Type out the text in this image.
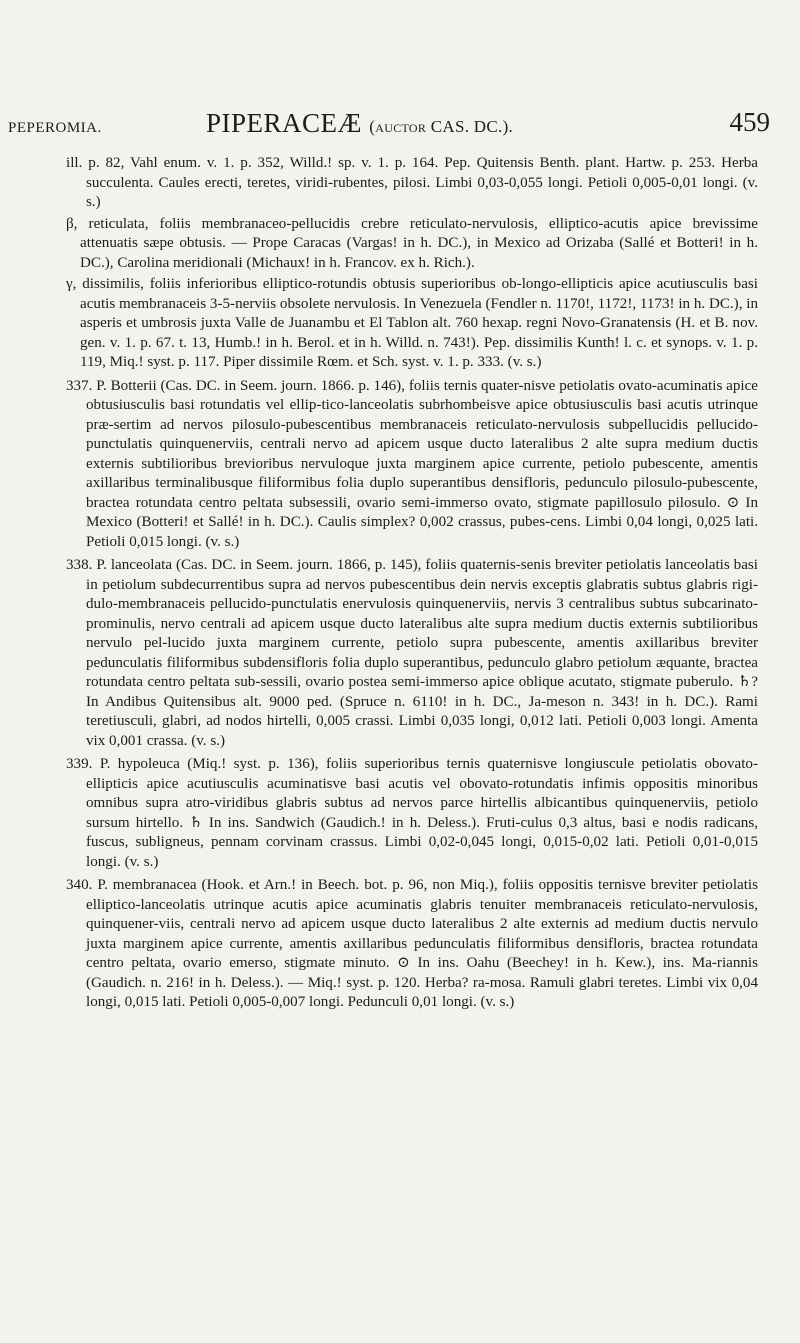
PEPEROMIA.	PIPERACEÆ (auctor CAS. DC.).	459

ill. p. 82, Vahl enum. v. 1. p. 352, Willd.! sp. v. 1. p. 164. Pep. Quitensis Benth. plant. Hartw. p. 253. Herba succulenta. Caules erecti, teretes, viridi-rubentes, pilosi. Limbi 0,03-0,055 longi. Petioli 0,005-0,01 longi. (v. s.)

β, reticulata, foliis membranaceo-pellucidis crebre reticulato-nervulosis, elliptico-acutis apice brevissime attenuatis sæpe obtusis. — Prope Caracas (Vargas! in h. DC.), in Mexico ad Orizaba (Sallé et Botteri! in h. DC.), Carolina meridionali (Michaux! in h. Francov. ex h. Rich.).

γ, dissimilis, foliis inferioribus elliptico-rotundis obtusis superioribus ob-longo-ellipticis apice acutiusculis basi acutis membranaceis 3-5-nerviis obsolete nervulosis. In Venezuela (Fendler n. 1170!, 1172!, 1173! in h. DC.), in asperis et umbrosis juxta Valle de Juanambu et El Tablon alt. 760 hexap. regni Novo-Granatensis (H. et B. nov. gen. v. 1. p. 67. t. 13, Humb.! in h. Berol. et in h. Willd. n. 743!). Pep. dissimilis Kunth! l. c. et synops. v. 1. p. 119, Miq.! syst. p. 117. Piper dissimile Rœm. et Sch. syst. v. 1. p. 333. (v. s.)

337. P. Botterii (Cas. DC. in Seem. journ. 1866. p. 146), foliis ternis quater-nisve petiolatis ovato-acuminatis apice obtusiusculis basi rotundatis vel ellip-tico-lanceolatis subrhombeisve apice obtusiusculis basi acutis utrinque præ-sertim ad nervos pilosulo-pubescentibus membranaceis reticulato-nervulosis subpellucidis pellucido-punctulatis quinquenerviis, centrali nervo ad apicem usque ducto lateralibus 2 alte supra medium ductis externis subtilioribus brevioribus nervuloque juxta marginem apice currente, petiolo pubescente, amentis axillaribus terminalibusque filiformibus folia duplo superantibus densifloris, pedunculo pilosulo-pubescente, bractea rotundata centro peltata subsessili, ovario semi-immerso ovato, stigmate papillosulo pilosulo. ⊙ In Mexico (Botteri! et Sallé! in h. DC.). Caulis simplex? 0,002 crassus, pubes-cens. Limbi 0,04 longi, 0,025 lati. Petioli 0,015 longi. (v. s.)

338. P. lanceolata (Cas. DC. in Seem. journ. 1866, p. 145), foliis quaternis-senis breviter petiolatis lanceolatis basi in petiolum subdecurrentibus supra ad nervos pubescentibus dein nervis exceptis glabratis subtus glabris rigi-dulo-membranaceis pellucido-punctulatis enervulosis quinquenerviis, nervis 3 centralibus subtus subcarinato-prominulis, nervo centrali ad apicem usque ducto lateralibus alte supra medium ductis externis subtilioribus nervulo pel-lucido juxta marginem currente, petiolo supra pubescente, amentis axillaribus breviter pedunculatis filiformibus subdensifloris folia duplo superantibus, pedunculo glabro petiolum æquante, bractea rotundata centro peltata sub-sessili, ovario postea semi-immerso apice oblique acutato, stigmate puberulo. ♄? In Andibus Quitensibus alt. 9000 ped. (Spruce n. 6110! in h. DC., Ja-meson n. 343! in h. DC.). Rami teretiusculi, glabri, ad nodos hirtelli, 0,005 crassi. Limbi 0,035 longi, 0,012 lati. Petioli 0,003 longi. Amenta vix 0,001 crassa. (v. s.)

339. P. hypoleuca (Miq.! syst. p. 136), foliis superioribus ternis quaternisve longiuscule petiolatis obovato-ellipticis apice acutiusculis acuminatisve basi acutis vel obovato-rotundatis infimis oppositis minoribus omnibus supra atro-viridibus glabris subtus ad nervos parce hirtellis albicantibus quinquenerviis, petiolo sursum hirtello. ♄ In ins. Sandwich (Gaudich.! in h. Deless.). Fruti-culus 0,3 altus, basi e nodis radicans, fuscus, subligneus, pennam corvinam crassus. Limbi 0,02-0,045 longi, 0,015-0,02 lati. Petioli 0,01-0,015 longi. (v. s.)

340. P. membranacea (Hook. et Arn.! in Beech. bot. p. 96, non Miq.), foliis oppositis ternisve breviter petiolatis elliptico-lanceolatis utrinque acutis apice acuminatis glabris tenuiter membranaceis reticulato-nervulosis, quinquener-viis, centrali nervo ad apicem usque ducto lateralibus 2 alte externis ad medium ductis nervulo juxta marginem apice currente, amentis axillaribus pedunculatis filiformibus densifloris, bractea rotundata centro peltata, ovario emerso, stigmate minuto. ⊙ In ins. Oahu (Beechey! in h. Kew.), ins. Ma-riannis (Gaudich. n. 216! in h. Deless.). — Miq.! syst. p. 120. Herba? ra-mosa. Ramuli glabri teretes. Limbi vix 0,04 longi, 0,015 lati. Petioli 0,005-0,007 longi. Pedunculi 0,01 longi. (v. s.)
